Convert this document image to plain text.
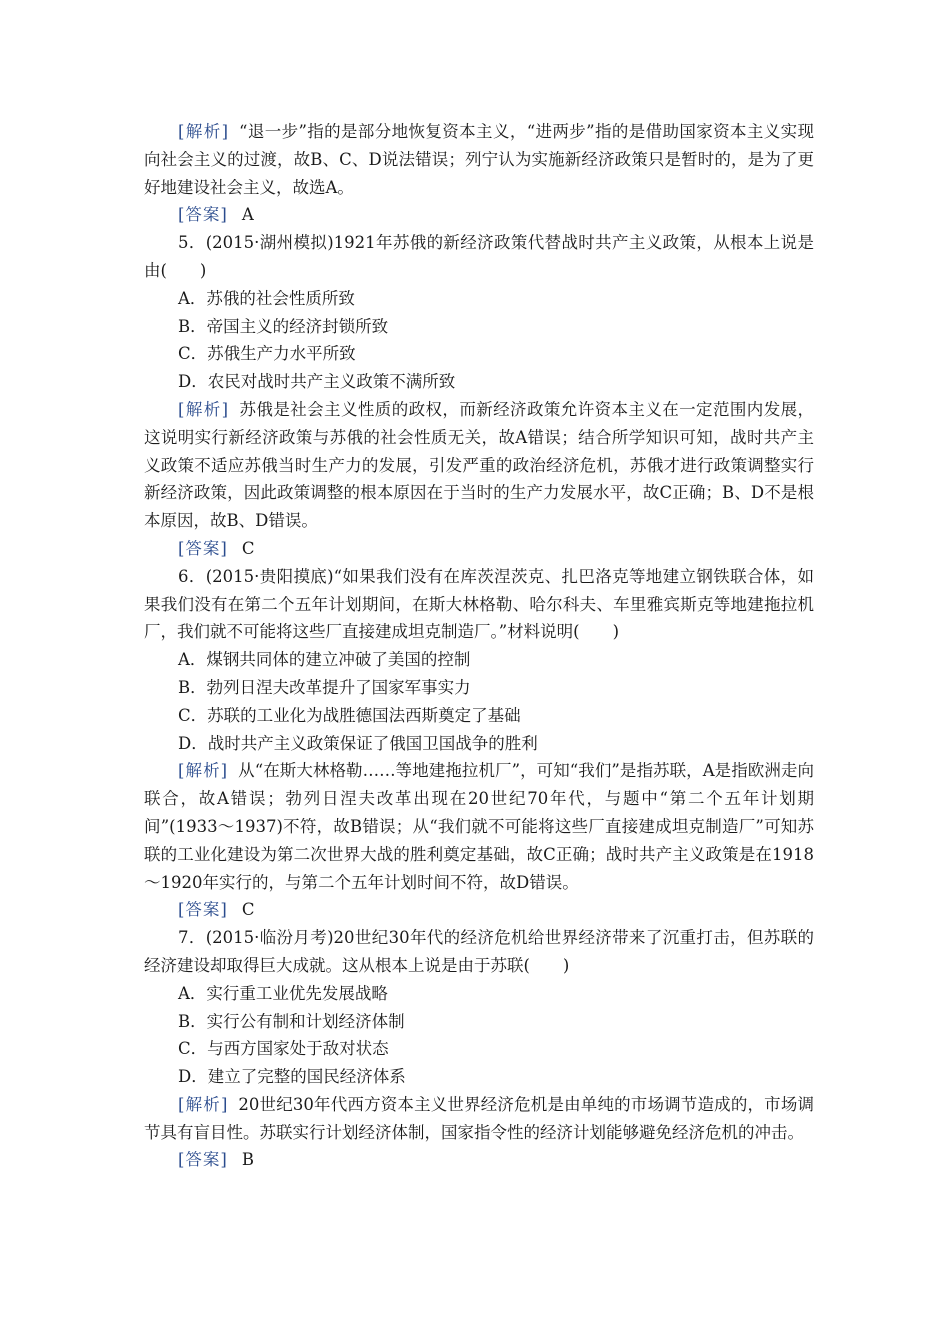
[解析] “退一步”指的是部分地恢复资本主义，“进两步”指的是借助国家资本主义实现向社会主义的过渡，故B、C、D说法错误；列宁认为实施新经济政策只是暂时的，是为了更好地建设社会主义，故选A。
[答案] A
5．(2015·湖州模拟)1921年苏俄的新经济政策代替战时共产主义政策，从根本上说是由(　　)
A．苏俄的社会性质所致
B．帝国主义的经济封锁所致
C．苏俄生产力水平所致
D．农民对战时共产主义政策不满所致
[解析] 苏俄是社会主义性质的政权，而新经济政策允许资本主义在一定范围内发展，这说明实行新经济政策与苏俄的社会性质无关，故A错误；结合所学知识可知，战时共产主义政策不适应苏俄当时生产力的发展，引发严重的政治经济危机，苏俄才进行政策调整实行新经济政策，因此政策调整的根本原因在于当时的生产力发展水平，故C正确；B、D不是根本原因，故B、D错误。
[答案] C
6．(2015·贵阳摸底)“如果我们没有在库茨涅茨克、扎巴洛克等地建立钢铁联合体，如果我们没有在第二个五年计划期间，在斯大林格勒、哈尔科夫、车里雅宾斯克等地建拖拉机厂，我们就不可能将这些厂直接建成坦克制造厂。”材料说明(　　)
A．煤钢共同体的建立冲破了美国的控制
B．勃列日涅夫改革提升了国家军事实力
C．苏联的工业化为战胜德国法西斯奠定了基础
D．战时共产主义政策保证了俄国卫国战争的胜利
[解析] 从“在斯大林格勒……等地建拖拉机厂”，可知“我们”是指苏联，A是指欧洲走向联合，故A错误；勃列日涅夫改革出现在20世纪70年代，与题中“第二个五年计划期间”(1933～1937)不符，故B错误；从“我们就不可能将这些厂直接建成坦克制造厂”可知苏联的工业化建设为第二次世界大战的胜利奠定基础，故C正确；战时共产主义政策是在1918～1920年实行的，与第二个五年计划时间不符，故D错误。
[答案] C
7．(2015·临汾月考)20世纪30年代的经济危机给世界经济带来了沉重打击，但苏联的经济建设却取得巨大成就。这从根本上说是由于苏联(　　)
A．实行重工业优先发展战略
B．实行公有制和计划经济体制
C．与西方国家处于敌对状态
D．建立了完整的国民经济体系
[解析] 20世纪30年代西方资本主义世界经济危机是由单纯的市场调节造成的，市场调节具有盲目性。苏联实行计划经济体制，国家指令性的经济计划能够避免经济危机的冲击。
[答案] B
